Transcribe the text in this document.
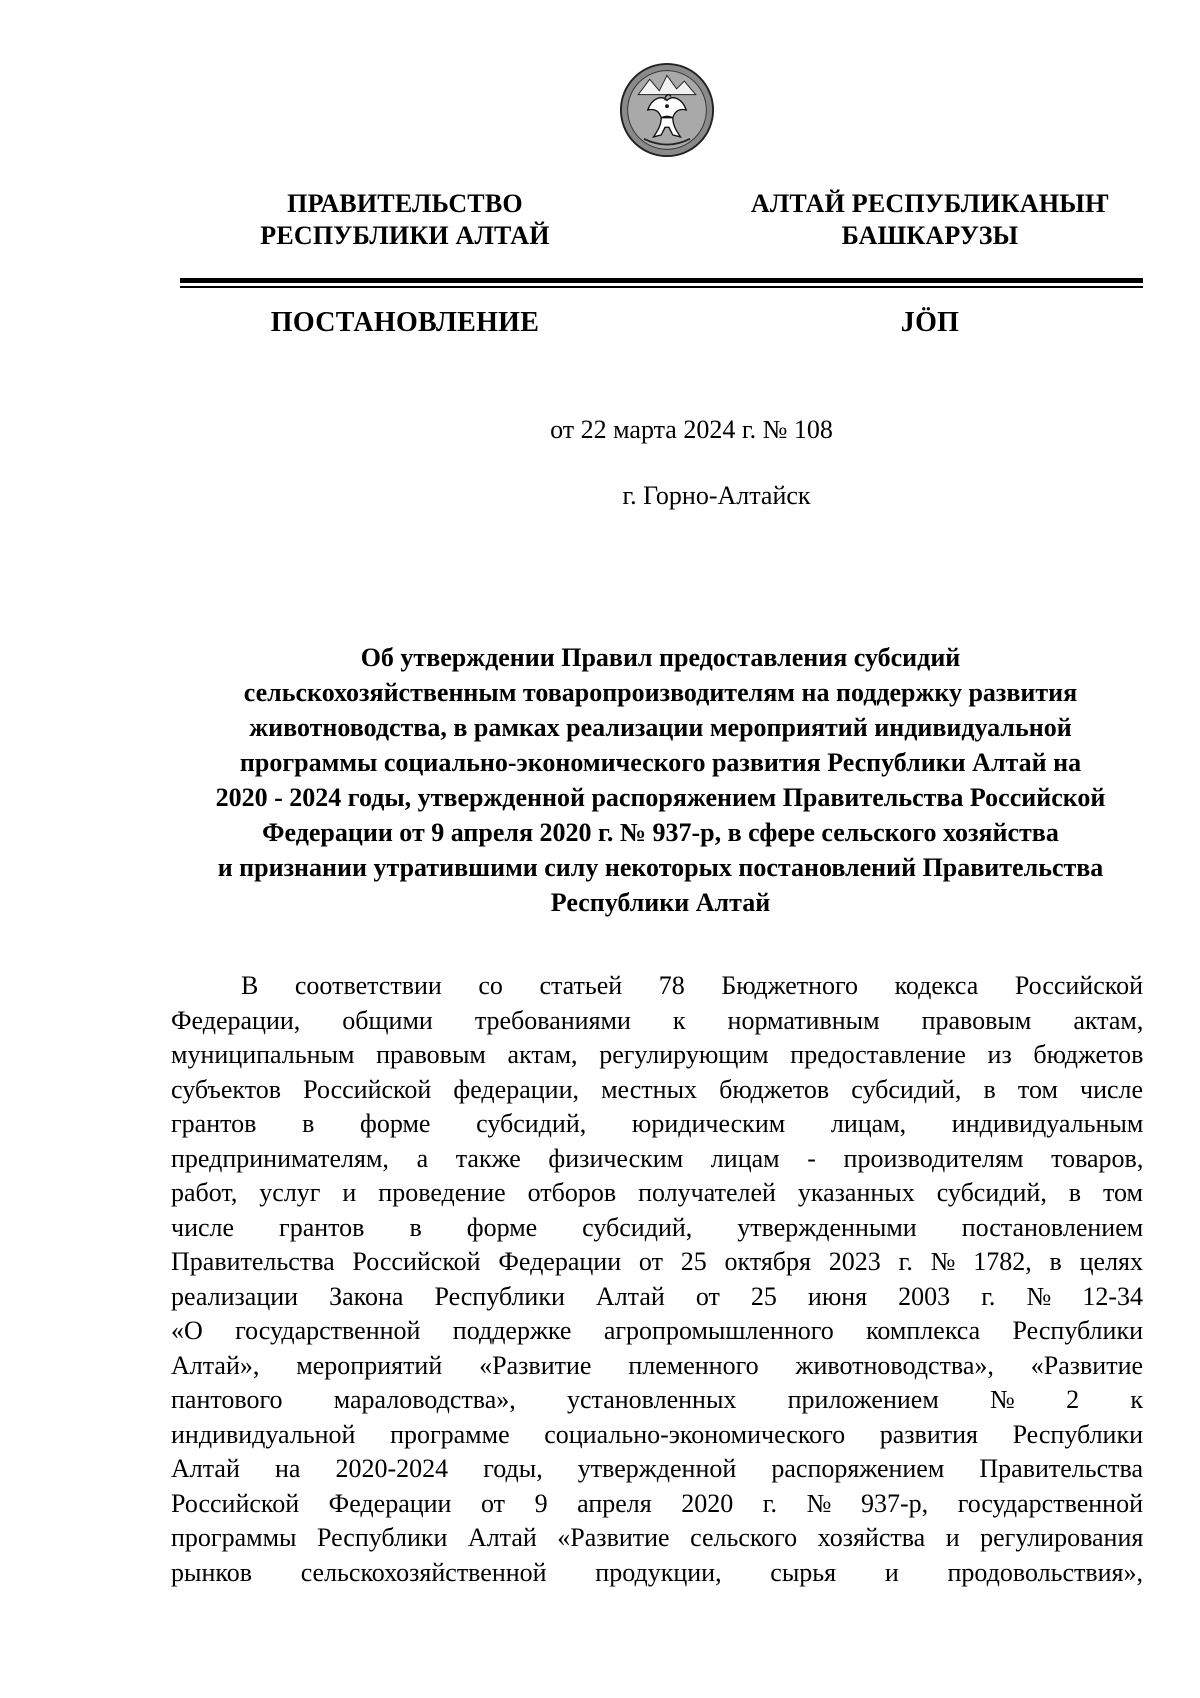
ПРАВИТЕЛЬСТВО
РЕСПУБЛИКИ АЛТАЙ
АЛТАЙ РЕСПУБЛИКАНЫҤ
БАШКАРУЗЫ
ПОСТАНОВЛЕНИЕ	JӦП
от 22 марта 2024 г. № 108
г. Горно-Алтайск
Об утверждении Правил предоставления субсидий
сельскохозяйственным товаропроизводителям на поддержку развития
животноводства, в рамках реализации мероприятий индивидуальной
программы социально-экономического развития Республики Алтай на
2020 - 2024 годы, утвержденной распоряжением Правительства Российской
Федерации от 9 апреля 2020 г. № 937-р, в сфере сельского хозяйства
и признании утратившими силу некоторых постановлений Правительства
Республики Алтай
В соответствии со статьей 78 Бюджетного кодекса Российской
Федерации, общими требованиями к нормативным правовым актам,
муниципальным правовым актам, регулирующим предоставление из бюджетов
субъектов Российской федерации, местных бюджетов субсидий, в том числе
грантов в форме субсидий, юридическим лицам, индивидуальным
предпринимателям, а также физическим лицам - производителям товаров,
работ, услуг и проведение отборов получателей указанных субсидий, в том
числе грантов в форме субсидий, утвержденными постановлением
Правительства Российской Федерации от 25 октября 2023 г. № 1782, в целях
реализации Закона Республики Алтай от 25 июня 2003 г. № 12-34
«О государственной поддержке агропромышленного комплекса Республики
Алтай», мероприятий «Развитие племенного животноводства», «Развитие
пантового мараловодства», установленных приложением № 2 к
индивидуальной программе социально-экономического развития Республики
Алтай на 2020-2024 годы, утвержденной распоряжением Правительства
Российской Федерации от 9 апреля 2020 г. № 937-р, государственной
программы Республики Алтай «Развитие сельского хозяйства и регулирования
рынков сельскохозяйственной продукции, сырья и продовольствия»,
